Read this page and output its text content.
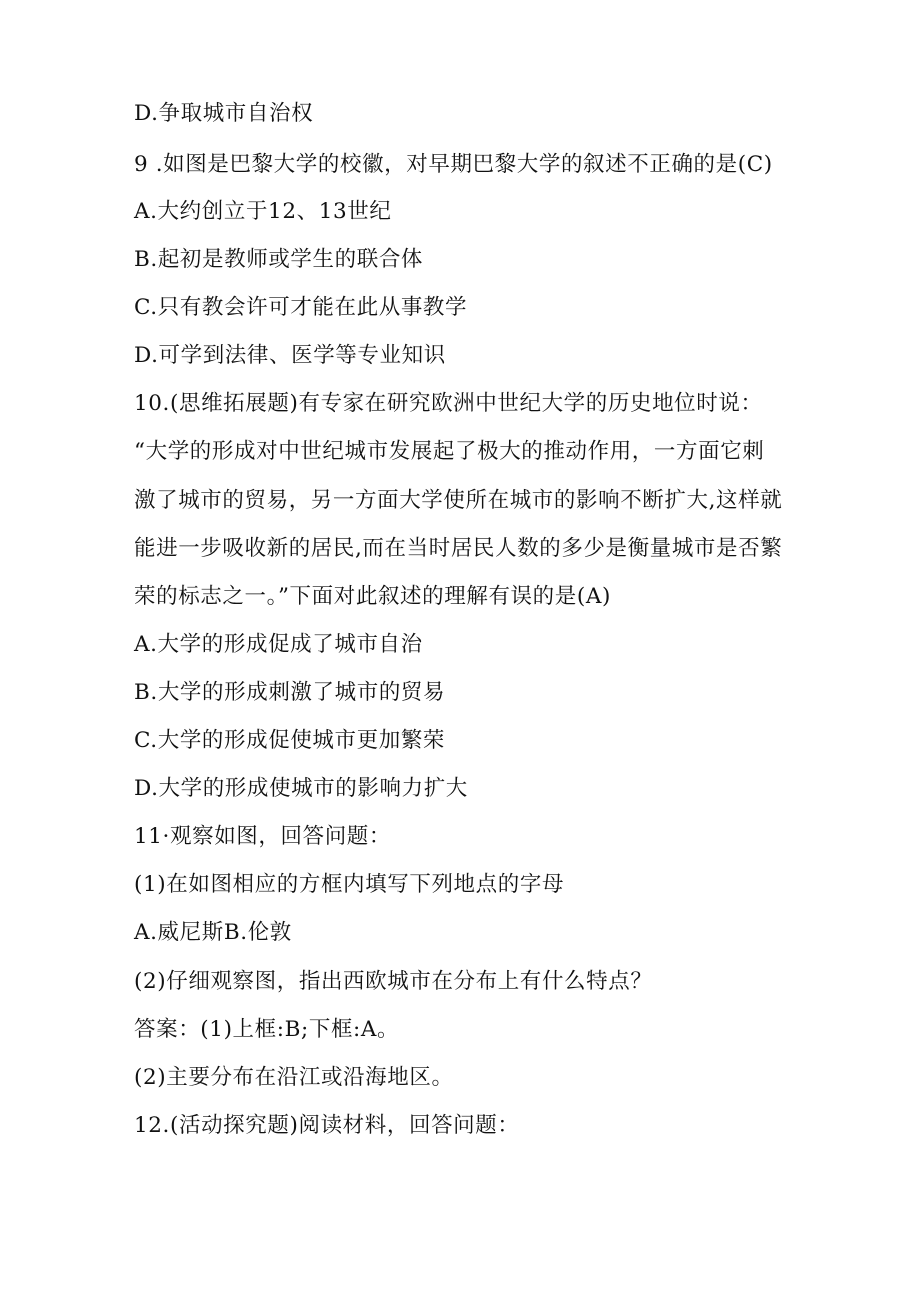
D.争取城市自治权
9 .如图是巴黎大学的校徽，对早期巴黎大学的叙述不正确的是(C)
A.大约创立于12、13世纪
B.起初是教师或学生的联合体
C.只有教会许可才能在此从事教学
D.可学到法律、医学等专业知识
10.(思维拓展题)有专家在研究欧洲中世纪大学的历史地位时说：
“大学的形成对中世纪城市发展起了极大的推动作用，一方面它刺
激了城市的贸易，另一方面大学使所在城市的影响不断扩大,这样就
能进一步吸收新的居民,而在当时居民人数的多少是衡量城市是否繁
荣的标志之一。”下面对此叙述的理解有误的是(A)
A.大学的形成促成了城市自治
B.大学的形成刺激了城市的贸易
C.大学的形成促使城市更加繁荣
D.大学的形成使城市的影响力扩大
11·观察如图，回答问题：
(1)在如图相应的方框内填写下列地点的字母
A.威尼斯B.伦敦
(2)仔细观察图，指出西欧城市在分布上有什么特点？
答案：(1)上框:B;下框:A。
(2)主要分布在沿江或沿海地区。
12.(活动探究题)阅读材料，回答问题：
